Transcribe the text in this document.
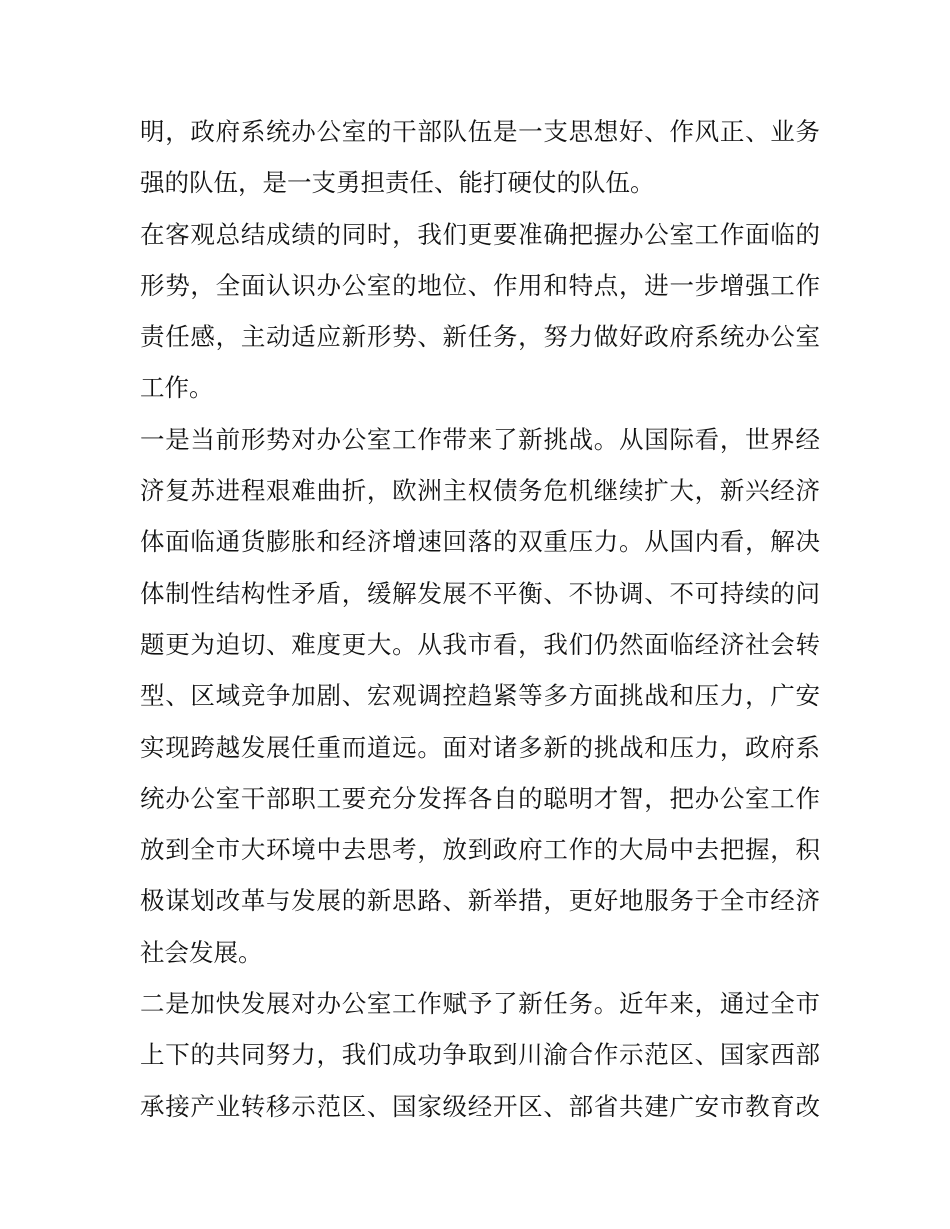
明，政府系统办公室的干部队伍是一支思想好、作风正、业务
强的队伍，是一支勇担责任、能打硬仗的队伍。
在客观总结成绩的同时，我们更要准确把握办公室工作面临的
形势，全面认识办公室的地位、作用和特点，进一步增强工作
责任感，主动适应新形势、新任务，努力做好政府系统办公室
工作。
一是当前形势对办公室工作带来了新挑战。从国际看，世界经
济复苏进程艰难曲折，欧洲主权债务危机继续扩大，新兴经济
体面临通货膨胀和经济增速回落的双重压力。从国内看，解决
体制性结构性矛盾，缓解发展不平衡、不协调、不可持续的问
题更为迫切、难度更大。从我市看，我们仍然面临经济社会转
型、区域竞争加剧、宏观调控趋紧等多方面挑战和压力，广安
实现跨越发展任重而道远。面对诸多新的挑战和压力，政府系
统办公室干部职工要充分发挥各自的聪明才智，把办公室工作
放到全市大环境中去思考，放到政府工作的大局中去把握，积
极谋划改革与发展的新思路、新举措，更好地服务于全市经济
社会发展。
二是加快发展对办公室工作赋予了新任务。近年来，通过全市
上下的共同努力，我们成功争取到川渝合作示范区、国家西部
承接产业转移示范区、国家级经开区、部省共建广安市教育改
